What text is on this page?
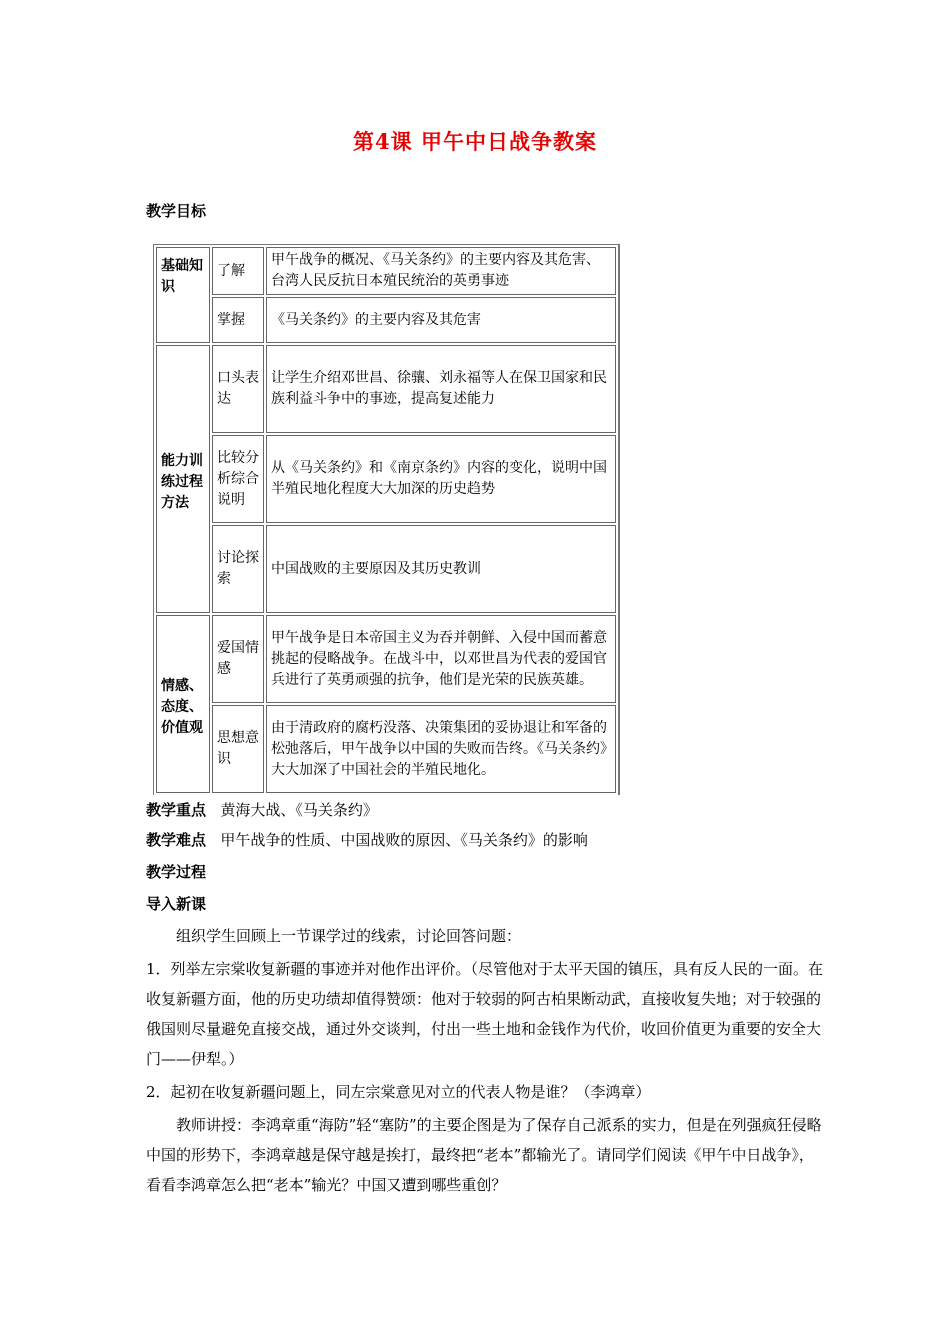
第4课 甲午中日战争教案
教学目标
基础知识	了解	甲午战争的概况、《马关条约》的主要内容及其危害、台湾人民反抗日本殖民统治的英勇事迹
	掌握	《马关条约》的主要内容及其危害
能力训练过程方法	口头表达	让学生介绍邓世昌、徐骧、刘永福等人在保卫国家和民族利益斗争中的事迹，提高复述能力
	比较分析综合说明	从《马关条约》和《南京条约》内容的变化，说明中国半殖民地化程度大大加深的历史趋势
	讨论探索	中国战败的主要原因及其历史教训
情感、态度、价值观	爱国情感	甲午战争是日本帝国主义为吞并朝鲜、入侵中国而蓄意挑起的侵略战争。在战斗中，以邓世昌为代表的爱国官兵进行了英勇顽强的抗争，他们是光荣的民族英雄。
	思想意识	由于清政府的腐朽没落、决策集团的妥协退让和军备的松弛落后，甲午战争以中国的失败而告终。《马关条约》大大加深了中国社会的半殖民地化。
教学重点 黄海大战、《马关条约》
教学难点 甲午战争的性质、中国战败的原因、《马关条约》的影响
教学过程
导入新课
组织学生回顾上一节课学过的线索，讨论回答问题：
1．列举左宗棠收复新疆的事迹并对他作出评价。（尽管他对于太平天国的镇压，具有反人民的一面。在收复新疆方面，他的历史功绩却值得赞颂：他对于较弱的阿古柏果断动武，直接收复失地；对于较强的俄国则尽量避免直接交战，通过外交谈判，付出一些土地和金钱作为代价，收回价值更为重要的安全大门——伊犁。）
2．起初在收复新疆问题上，同左宗棠意见对立的代表人物是谁？（李鸿章）
教师讲授：李鸿章重“海防”轻“塞防”的主要企图是为了保存自己派系的实力，但是在列强疯狂侵略中国的形势下，李鸿章越是保守越是挨打，最终把“老本”都输光了。请同学们阅读《甲午中日战争》，看看李鸿章怎么把“老本”输光？中国又遭到哪些重创？
